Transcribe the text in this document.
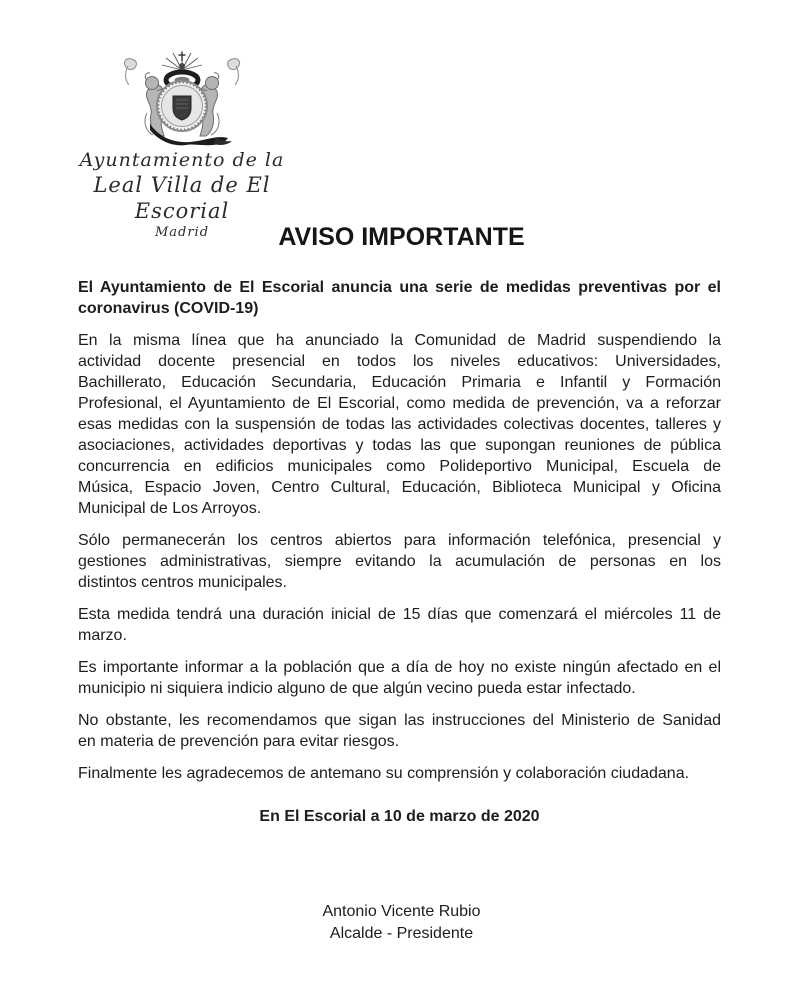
Ayuntamiento de la
Leal Villa de El Escorial
Madrid	AVISO IMPORTANTE
El Ayuntamiento de El Escorial anuncia una serie de medidas preventivas por el
coronavirus (COVID-19)
En la misma línea que ha anunciado la Comunidad de Madrid suspendiendo la
actividad docente presencial en todos los niveles educativos: Universidades,
Bachillerato, Educación Secundaria, Educación Primaria e Infantil y Formación
Profesional, el Ayuntamiento de El Escorial, como medida de prevención, va a reforzar
esas medidas con la suspensión de todas las actividades colectivas docentes, talleres y
asociaciones, actividades deportivas y todas las que supongan reuniones de pública
concurrencia en edificios municipales como Polideportivo Municipal, Escuela de
Música, Espacio Joven, Centro Cultural, Educación, Biblioteca Municipal y Oficina
Municipal de Los Arroyos.
Sólo permanecerán los centros abiertos para información telefónica, presencial y
gestiones administrativas, siempre evitando la acumulación de personas en los
distintos centros municipales.
Esta medida tendrá una duración inicial de 15 días que comenzará el miércoles 11 de
marzo.
Es importante informar a la población que a día de hoy no existe ningún afectado en el
municipio ni siquiera indicio alguno de que algún vecino pueda estar infectado.
No obstante, les recomendamos que sigan las instrucciones del Ministerio de Sanidad
en materia de prevención para evitar riesgos.
Finalmente les agradecemos de antemano su comprensión y colaboración ciudadana.
En El Escorial a 10 de marzo de 2020
Antonio Vicente Rubio
Alcalde - Presidente
